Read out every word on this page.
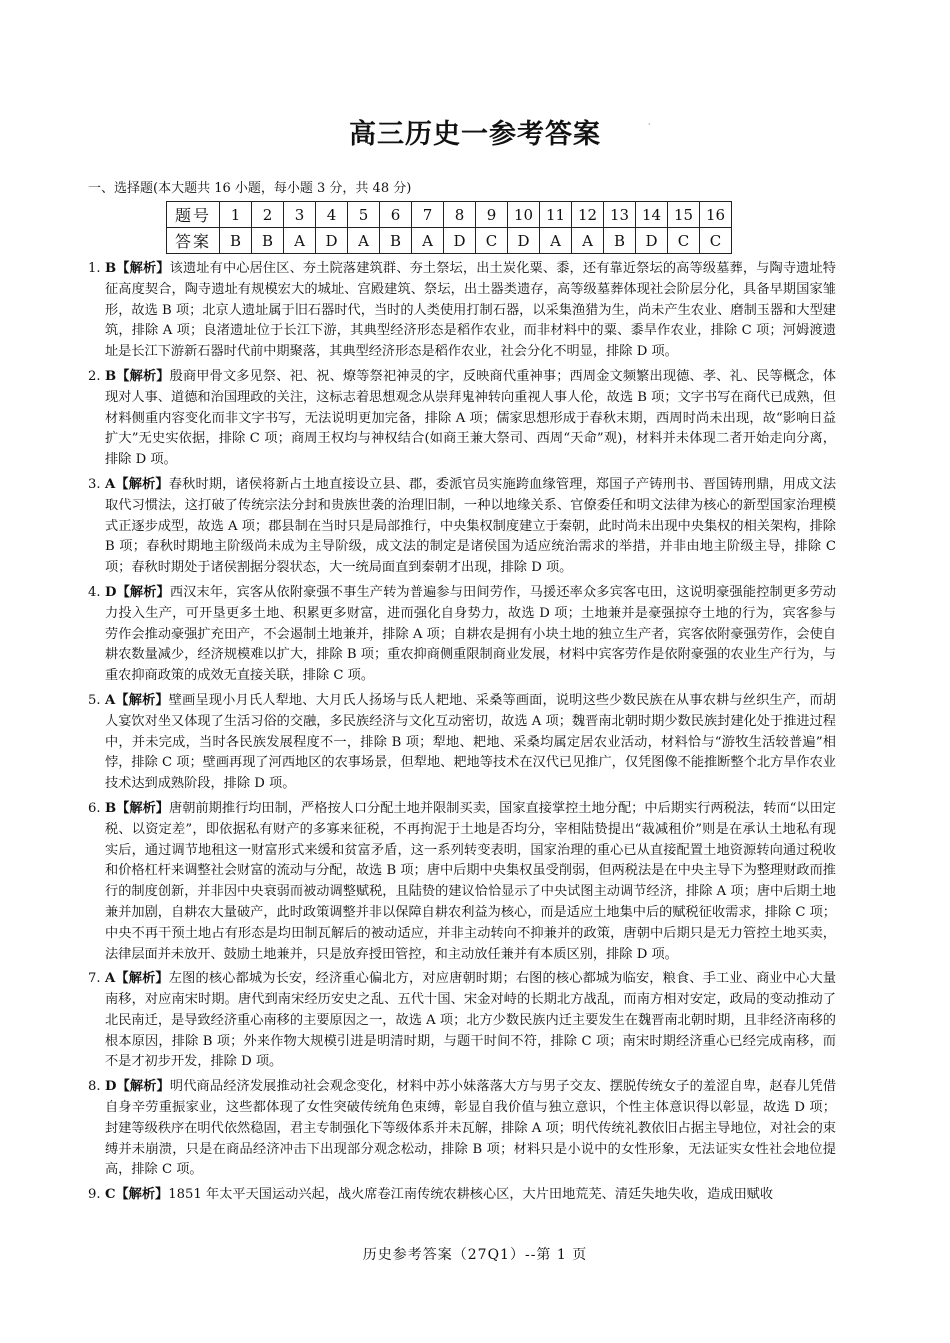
高三历史一参考答案	·
一、选择题(本大题共 16 小题，每小题 3 分，共 48 分)
题号	1	2	3	4	5	6	7	8	9	10	11	12	13	14	15	16
答案	B	B	A	D	A	B	A	D	C	D	A	A	B	D	C	C
1. B【解析】该遗址有中心居住区、夯土院落建筑群、夯土祭坛，出土炭化粟、黍，还有靠近祭坛的高等级墓葬，与陶寺遗址特征高度契合，陶寺遗址有规模宏大的城址、宫殿建筑、祭坛，出土器类遗存，高等级墓葬体现社会阶层分化，具备早期国家雏形，故选 B 项；北京人遗址属于旧石器时代，当时的人类使用打制石器，以采集渔猎为生，尚未产生农业、磨制玉器和大型建筑，排除 A 项；良渚遗址位于长江下游，其典型经济形态是稻作农业，而非材料中的粟、黍旱作农业，排除 C 项；河姆渡遗址是长江下游新石器时代前中期聚落，其典型经济形态是稻作农业，社会分化不明显，排除 D 项。
2. B【解析】殷商甲骨文多见祭、祀、祝、燎等祭祀神灵的字，反映商代重神事；西周金文频繁出现德、孝、礼、民等概念，体现对人事、道德和治国理政的关注，这标志着思想观念从崇拜鬼神转向重视人事人伦，故选 B 项；文字书写在商代已成熟，但材料侧重内容变化而非文字书写，无法说明更加完备，排除 A 项；儒家思想形成于春秋末期，西周时尚未出现，故“影响日益扩大”无史实依据，排除 C 项；商周王权均与神权结合(如商王兼大祭司、西周“天命”观)，材料并未体现二者开始走向分离，排除 D 项。
3. A【解析】春秋时期，诸侯将新占土地直接设立县、郡，委派官员实施跨血缘管理，郑国子产铸刑书、晋国铸刑鼎，用成文法取代习惯法，这打破了传统宗法分封和贵族世袭的治理旧制，一种以地缘关系、官僚委任和明文法律为核心的新型国家治理模式正逐步成型，故选 A 项；郡县制在当时只是局部推行，中央集权制度建立于秦朝，此时尚未出现中央集权的相关架构，排除 B 项；春秋时期地主阶级尚未成为主导阶级，成文法的制定是诸侯国为适应统治需求的举措，并非由地主阶级主导，排除 C 项；春秋时期处于诸侯割据分裂状态，大一统局面直到秦朝才出现，排除 D 项。
4. D【解析】西汉末年，宾客从依附豪强不事生产转为普遍参与田间劳作，马援还率众多宾客屯田，这说明豪强能控制更多劳动力投入生产，可开垦更多土地、积累更多财富，进而强化自身势力，故选 D 项；土地兼并是豪强掠夺土地的行为，宾客参与劳作会推动豪强扩充田产，不会遏制土地兼并，排除 A 项；自耕农是拥有小块土地的独立生产者，宾客依附豪强劳作，会使自耕农数量减少，经济规模难以扩大，排除 B 项；重农抑商侧重限制商业发展，材料中宾客劳作是依附豪强的农业生产行为，与重农抑商政策的成效无直接关联，排除 C 项。
5. A【解析】壁画呈现小月氏人犁地、大月氏人扬场与氐人耙地、采桑等画面，说明这些少数民族在从事农耕与丝织生产，而胡人宴饮对坐又体现了生活习俗的交融，多民族经济与文化互动密切，故选 A 项；魏晋南北朝时期少数民族封建化处于推进过程中，并未完成，当时各民族发展程度不一，排除 B 项；犁地、耙地、采桑均属定居农业活动，材料恰与“游牧生活较普遍”相悖，排除 C 项；壁画再现了河西地区的农事场景，但犁地、耙地等技术在汉代已见推广，仅凭图像不能推断整个北方旱作农业技术达到成熟阶段，排除 D 项。
6. B【解析】唐朝前期推行均田制，严格按人口分配土地并限制买卖，国家直接掌控土地分配；中后期实行两税法，转而“以田定税、以资定差”，即依据私有财产的多寡来征税，不再拘泥于土地是否均分，宰相陆贽提出“裁减租价”则是在承认土地私有现实后，通过调节地租这一财富形式来缓和贫富矛盾，这一系列转变表明，国家治理的重心已从直接配置土地资源转向通过税收和价格杠杆来调整社会财富的流动与分配，故选 B 项；唐中后期中央集权虽受削弱，但两税法是在中央主导下为整理财政而推行的制度创新，并非因中央衰弱而被动调整赋税，且陆贽的建议恰恰显示了中央试图主动调节经济，排除 A 项；唐中后期土地兼并加剧，自耕农大量破产，此时政策调整并非以保障自耕农利益为核心，而是适应土地集中后的赋税征收需求，排除 C 项；中央不再干预土地占有形态是均田制瓦解后的被动适应，并非主动转向不抑兼并的政策，唐朝中后期只是无力管控土地买卖，法律层面并未放开、鼓励土地兼并，只是放弃授田管控，和主动放任兼并有本质区别，排除 D 项。
7. A【解析】左图的核心都城为长安，经济重心偏北方，对应唐朝时期；右图的核心都城为临安，粮食、手工业、商业中心大量南移，对应南宋时期。唐代到南宋经历安史之乱、五代十国、宋金对峙的长期北方战乱，而南方相对安定，政局的变动推动了北民南迁，是导致经济重心南移的主要原因之一，故选 A 项；北方少数民族内迁主要发生在魏晋南北朝时期，且非经济南移的根本原因，排除 B 项；外来作物大规模引进是明清时期，与题干时间不符，排除 C 项；南宋时期经济重心已经完成南移，而不是才初步开发，排除 D 项。
8. D【解析】明代商品经济发展推动社会观念变化，材料中苏小妹落落大方与男子交友、摆脱传统女子的羞涩自卑，赵春儿凭借自身辛劳重振家业，这些都体现了女性突破传统角色束缚，彰显自我价值与独立意识，个性主体意识得以彰显，故选 D 项；封建等级秩序在明代依然稳固，君主专制强化下等级体系并未瓦解，排除 A 项；明代传统礼教依旧占据主导地位，对社会的束缚并未崩溃，只是在商品经济冲击下出现部分观念松动，排除 B 项；材料只是小说中的女性形象，无法证实女性社会地位提高，排除 C 项。
9. C【解析】1851 年太平天国运动兴起，战火席卷江南传统农耕核心区，大片田地荒芜、清廷失地失收，造成田赋收
历史参考答案（27Q1）--第 1 页
